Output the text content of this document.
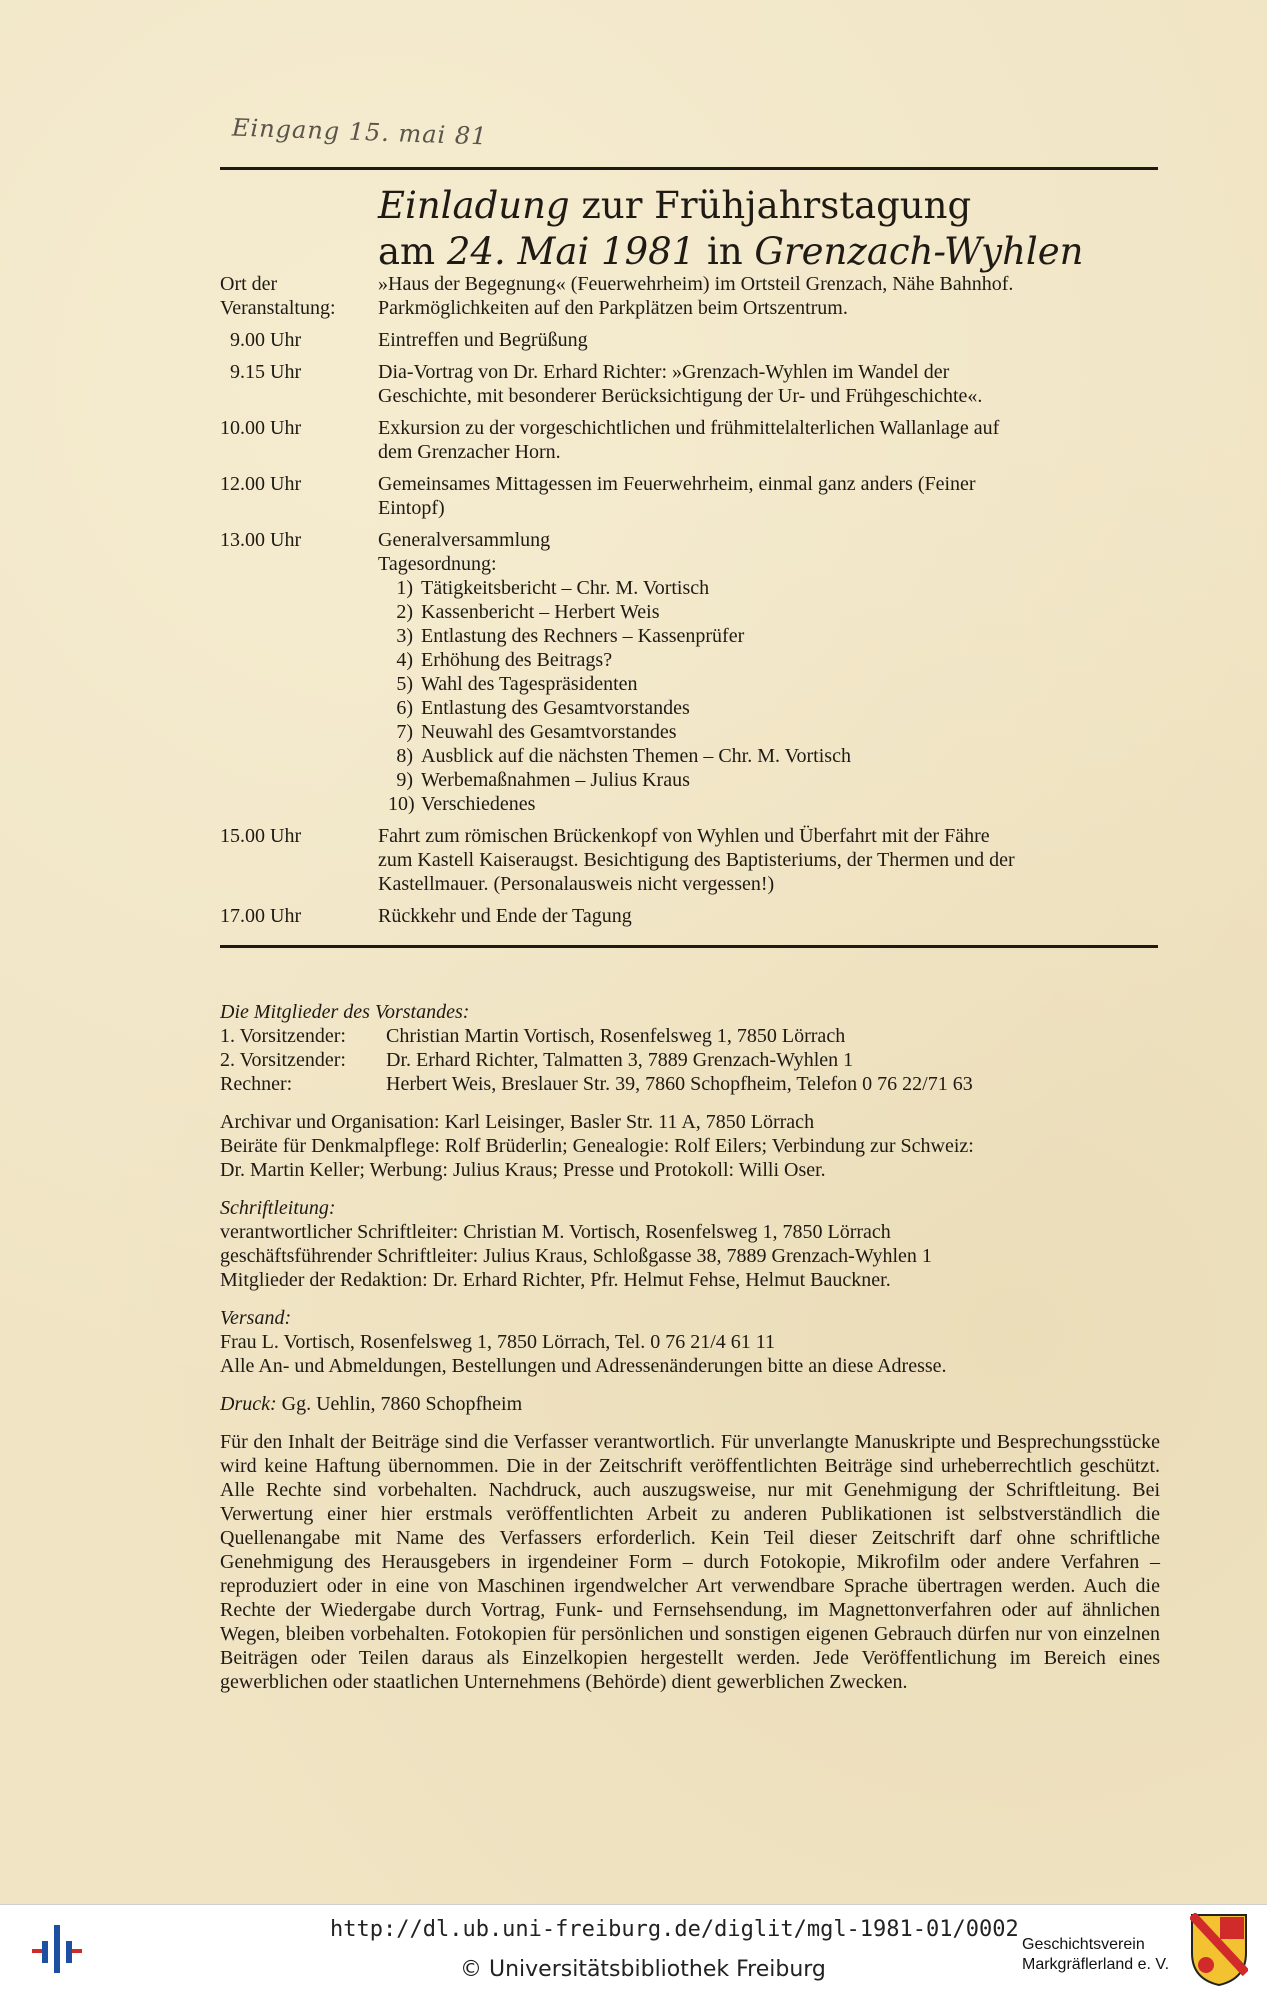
Eingang 15. mai 81
Einladung zur Frühjahrstagung
am 24. Mai 1981 in Grenzach-Wyhlen
Ort der
Veranstaltung:
»Haus der Begegnung« (Feuerwehrheim) im Ortsteil Grenzach, Nähe Bahnhof.
Parkmöglichkeiten auf den Parkplätzen beim Ortszentrum.
9.00 Uhr	Eintreffen und Begrüßung
9.15 Uhr	Dia-Vortrag von Dr. Erhard Richter: »Grenzach-Wyhlen im Wandel der
Geschichte, mit besonderer Berücksichtigung der Ur- und Frühgeschichte«.
10.00 Uhr	Exkursion zu der vorgeschichtlichen und frühmittelalterlichen Wallanlage auf
dem Grenzacher Horn.
12.00 Uhr	Gemeinsames Mittagessen im Feuerwehrheim, einmal ganz anders (Feiner
Eintopf)
13.00 Uhr	Generalversammlung
Tagesordnung:
1) Tätigkeitsbericht – Chr. M. Vortisch
2) Kassenbericht – Herbert Weis
3) Entlastung des Rechners – Kassenprüfer
4) Erhöhung des Beitrags?
5) Wahl des Tagespräsidenten
6) Entlastung des Gesamtvorstandes
7) Neuwahl des Gesamtvorstandes
8) Ausblick auf die nächsten Themen – Chr. M. Vortisch
9) Werbemaßnahmen – Julius Kraus
10) Verschiedenes
15.00 Uhr	Fahrt zum römischen Brückenkopf von Wyhlen und Überfahrt mit der Fähre
zum Kastell Kaiseraugst. Besichtigung des Baptisteriums, der Thermen und der
Kastellmauer. (Personalausweis nicht vergessen!)
17.00 Uhr	Rückkehr und Ende der Tagung
Die Mitglieder des Vorstandes:
1. Vorsitzender:	Christian Martin Vortisch, Rosenfelsweg 1, 7850 Lörrach
2. Vorsitzender:	Dr. Erhard Richter, Talmatten 3, 7889 Grenzach-Wyhlen 1
Rechner:	Herbert Weis, Breslauer Str. 39, 7860 Schopfheim, Telefon 0 76 22/71 63
Archivar und Organisation: Karl Leisinger, Basler Str. 11 A, 7850 Lörrach
Beiräte für Denkmalpflege: Rolf Brüderlin; Genealogie: Rolf Eilers; Verbindung zur Schweiz:
Dr. Martin Keller; Werbung: Julius Kraus; Presse und Protokoll: Willi Oser.
Schriftleitung:
verantwortlicher Schriftleiter: Christian M. Vortisch, Rosenfelsweg 1, 7850 Lörrach
geschäftsführender Schriftleiter: Julius Kraus, Schloßgasse 38, 7889 Grenzach-Wyhlen 1
Mitglieder der Redaktion: Dr. Erhard Richter, Pfr. Helmut Fehse, Helmut Bauckner.
Versand:
Frau L. Vortisch, Rosenfelsweg 1, 7850 Lörrach, Tel. 0 76 21/4 61 11
Alle An- und Abmeldungen, Bestellungen und Adressenänderungen bitte an diese Adresse.
Druck: Gg. Uehlin, 7860 Schopfheim
Für den Inhalt der Beiträge sind die Verfasser verantwortlich. Für unverlangte Manuskripte und Besprechungsstücke wird keine Haftung übernommen. Die in der Zeitschrift veröffentlichten Beiträge sind urheberrechtlich geschützt. Alle Rechte sind vorbehalten. Nachdruck, auch auszugsweise, nur mit Genehmigung der Schriftleitung. Bei Verwertung einer hier erstmals veröffentlichten Arbeit zu anderen Publikationen ist selbstverständlich die Quellenangabe mit Name des Verfassers erforderlich. Kein Teil dieser Zeitschrift darf ohne schriftliche Genehmigung des Herausgebers in irgendeiner Form – durch Fotokopie, Mikrofilm oder andere Verfahren – reproduziert oder in eine von Maschinen irgendwelcher Art verwendbare Sprache übertragen werden. Auch die Rechte der Wiedergabe durch Vortrag, Funk- und Fernsehsendung, im Magnettonverfahren oder auf ähnlichen Wegen, bleiben vorbehalten. Fotokopien für persönlichen und sonstigen eigenen Gebrauch dürfen nur von einzelnen Beiträgen oder Teilen daraus als Einzelkopien hergestellt werden. Jede Veröffentlichung im Bereich eines gewerblichen oder staatlichen Unternehmens (Behörde) dient gewerblichen Zwecken.
http://dl.ub.uni-freiburg.de/diglit/mgl-1981-01/0002
© Universitätsbibliothek Freiburg
Geschichtsverein
Markgräflerland e. V.
